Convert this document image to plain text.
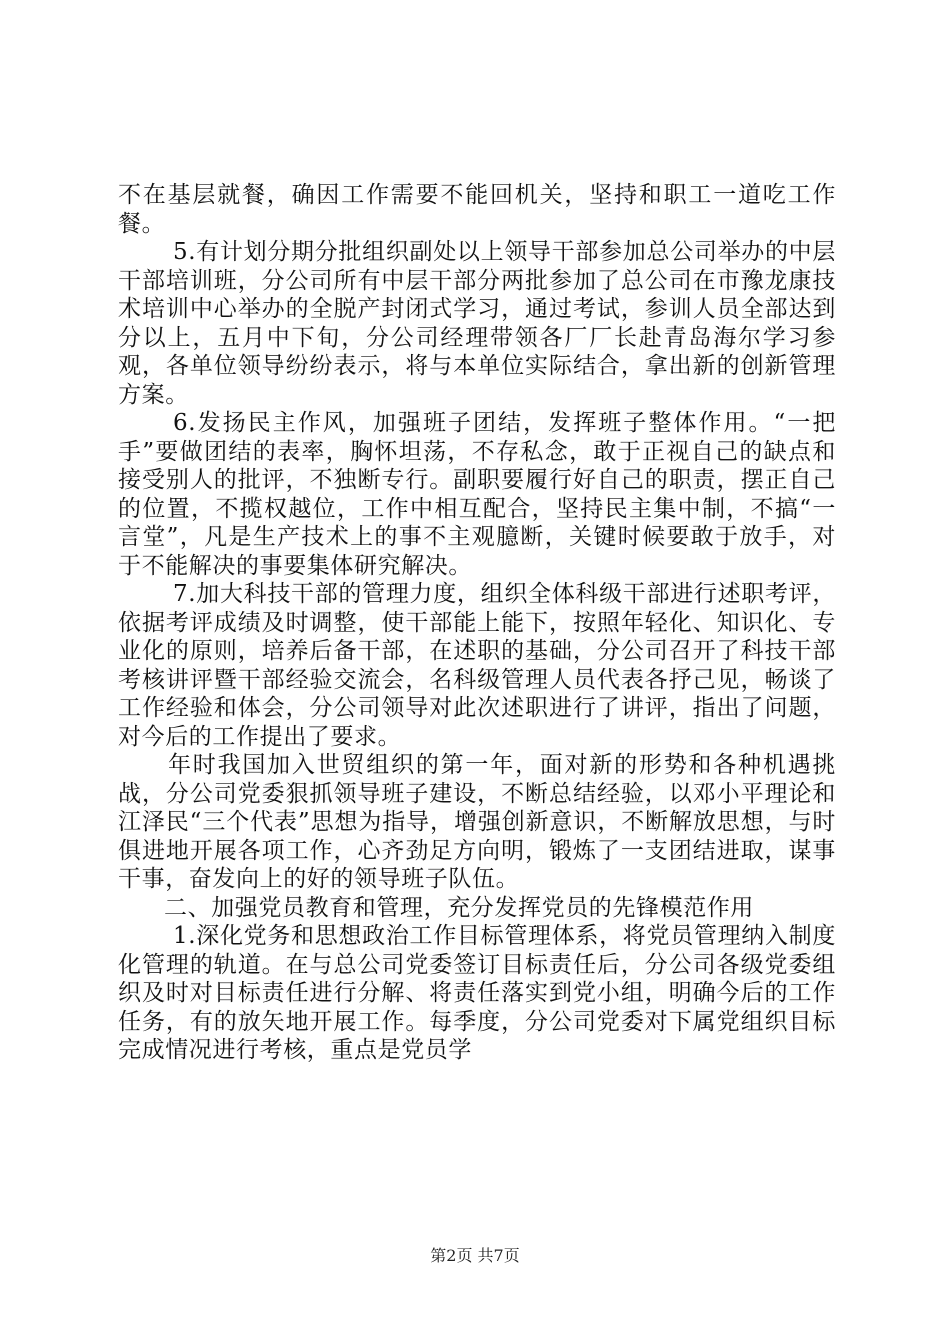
不在基层就餐，确因工作需要不能回机关，坚持和职工一道吃工作餐。

5.有计划分期分批组织副处以上领导干部参加总公司举办的中层干部培训班，分公司所有中层干部分两批参加了总公司在市豫龙康技术培训中心举办的全脱产封闭式学习，通过考试，参训人员全部达到分以上，五月中下旬，分公司经理带领各厂厂长赴青岛海尔学习参观，各单位领导纷纷表示，将与本单位实际结合，拿出新的创新管理方案。

6.发扬民主作风，加强班子团结，发挥班子整体作用。“一把手”要做团结的表率，胸怀坦荡，不存私念，敢于正视自己的缺点和接受别人的批评，不独断专行。副职要履行好自己的职责，摆正自己的位置，不揽权越位，工作中相互配合，坚持民主集中制，不搞“一言堂”，凡是生产技术上的事不主观臆断，关键时候要敢于放手，对于不能解决的事要集体研究解决。

7.加大科技干部的管理力度，组织全体科级干部进行述职考评，依据考评成绩及时调整，使干部能上能下，按照年轻化、知识化、专业化的原则，培养后备干部，在述职的基础，分公司召开了科技干部考核讲评暨干部经验交流会，名科级管理人员代表各抒己见，畅谈了工作经验和体会，分公司领导对此次述职进行了讲评，指出了问题，对今后的工作提出了要求。

年时我国加入世贸组织的第一年，面对新的形势和各种机遇挑战，分公司党委狠抓领导班子建设，不断总结经验，以邓小平理论和江泽民“三个代表”思想为指导，增强创新意识，不断解放思想，与时俱进地开展各项工作，心齐劲足方向明，锻炼了一支团结进取，谋事干事，奋发向上的好的领导班子队伍。

二、加强党员教育和管理，充分发挥党员的先锋模范作用

1.深化党务和思想政治工作目标管理体系，将党员管理纳入制度化管理的轨道。在与总公司党委签订目标责任后，分公司各级党委组织及时对目标责任进行分解、将责任落实到党小组，明确今后的工作任务，有的放矢地开展工作。每季度，分公司党委对下属党组织目标完成情况进行考核，重点是党员学

第2页 共7页
